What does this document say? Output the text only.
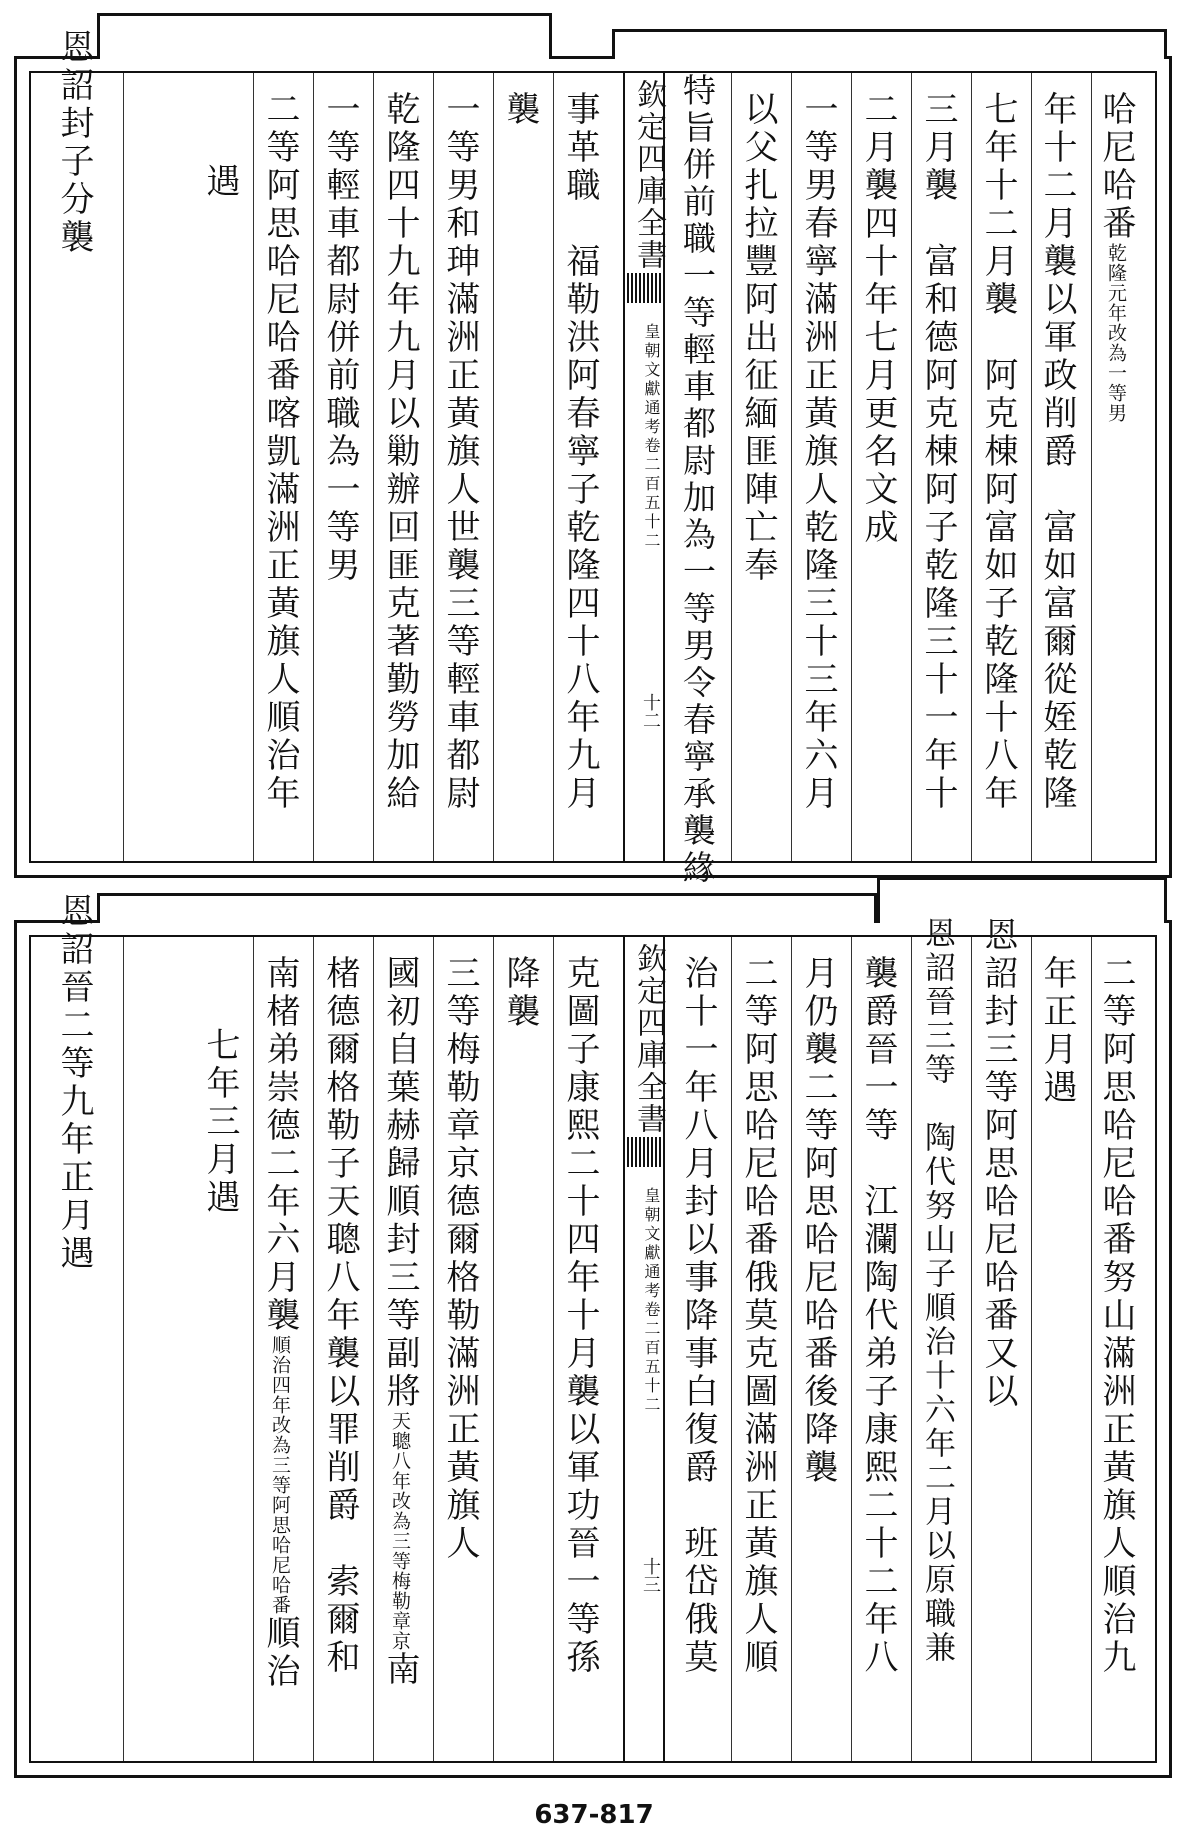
哈尼哈番乾隆元年改為一等男
年十二月襲以軍政削爵　富如富爾從姪乾隆
七年十二月襲　阿克棟阿富如子乾隆十八年
三月襲　富和德阿克棟阿子乾隆三十一年十
二月襲四十年七月更名文成
一等男春寧滿洲正黃旗人乾隆三十三年六月
以父扎拉豐阿出征緬匪陣亡奉
特旨併前職一等輕車都尉加為一等男令春寧承襲緣
欽定四庫全書
皇朝文獻通考卷二百五十二
十二
事革職　福勒洪阿春寧子乾隆四十八年九月
襲
一等男和珅滿洲正黃旗人世襲三等輕車都尉
乾隆四十九年九月以勦辦回匪克著勤勞加給
一等輕車都尉併前職為一等男
二等阿思哈尼哈番喀凱滿洲正黃旗人順治年
遇
恩詔封子分襲
二等阿思哈尼哈番努山滿洲正黃旗人順治九
年正月遇
恩詔封三等阿思哈尼哈番又以
恩詔晉三等　陶代努山子順治十六年二月以原職兼
襲爵晉一等　江瀾陶代弟子康熙二十二年八
月仍襲二等阿思哈尼哈番後降襲
二等阿思哈尼哈番俄莫克圖滿洲正黃旗人順
治十一年八月封以事降事白復爵　班岱俄莫
欽定四庫全書
皇朝文獻通考卷二百五十二
十三
克圖子康熙二十四年十月襲以軍功晉一等孫
降襲
三等梅勒章京德爾格勒滿洲正黃旗人
國初自葉赫歸順封三等副將天聰八年改為三等梅勒章京南
楮德爾格勒子天聰八年襲以罪削爵　索爾和
南楮弟崇德二年六月襲順治四年改為三等阿思哈尼哈番順治
七年三月遇
恩詔晉二等九年正月遇
637-817
